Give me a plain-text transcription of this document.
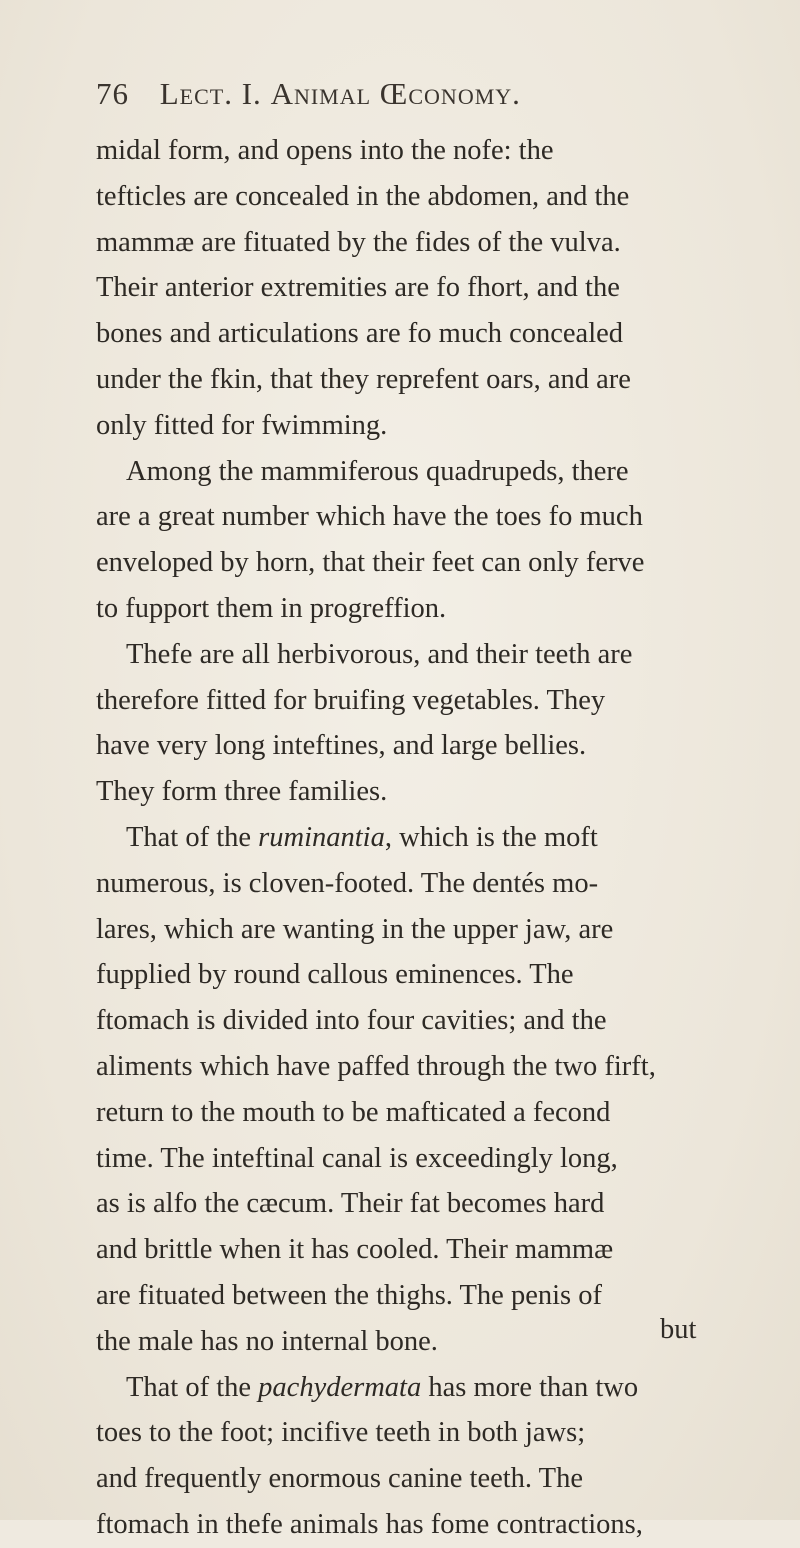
76 Lect. I. Animal Œconomy.
midal form, and opens into the nofe: the
tefticles are concealed in the abdomen, and the
mammæ are fituated by the fides of the vulva.
Their anterior extremities are fo fhort, and the
bones and articulations are fo much concealed
under the fkin, that they reprefent oars, and are
only fitted for fwimming.
Among the mammiferous quadrupeds, there
are a great number which have the toes fo much
enveloped by horn, that their feet can only ferve
to fupport them in progreffion.
Thefe are all herbivorous, and their teeth are
therefore fitted for bruifing vegetables. They
have very long inteftines, and large bellies.
They form three families.
That of the ruminantia, which is the moft
numerous, is cloven-footed. The dentés mo-
lares, which are wanting in the upper jaw, are
fupplied by round callous eminences. The
ftomach is divided into four cavities; and the
aliments which have paffed through the two firft,
return to the mouth to be mafticated a fecond
time. The inteftinal canal is exceedingly long,
as is alfo the cæcum. Their fat becomes hard
and brittle when it has cooled. Their mammæ
are fituated between the thighs. The penis of
the male has no internal bone.
That of the pachydermata has more than two
toes to the foot; incifive teeth in both jaws;
and frequently enormous canine teeth. The
ftomach in thefe animals has fome contractions,
but
